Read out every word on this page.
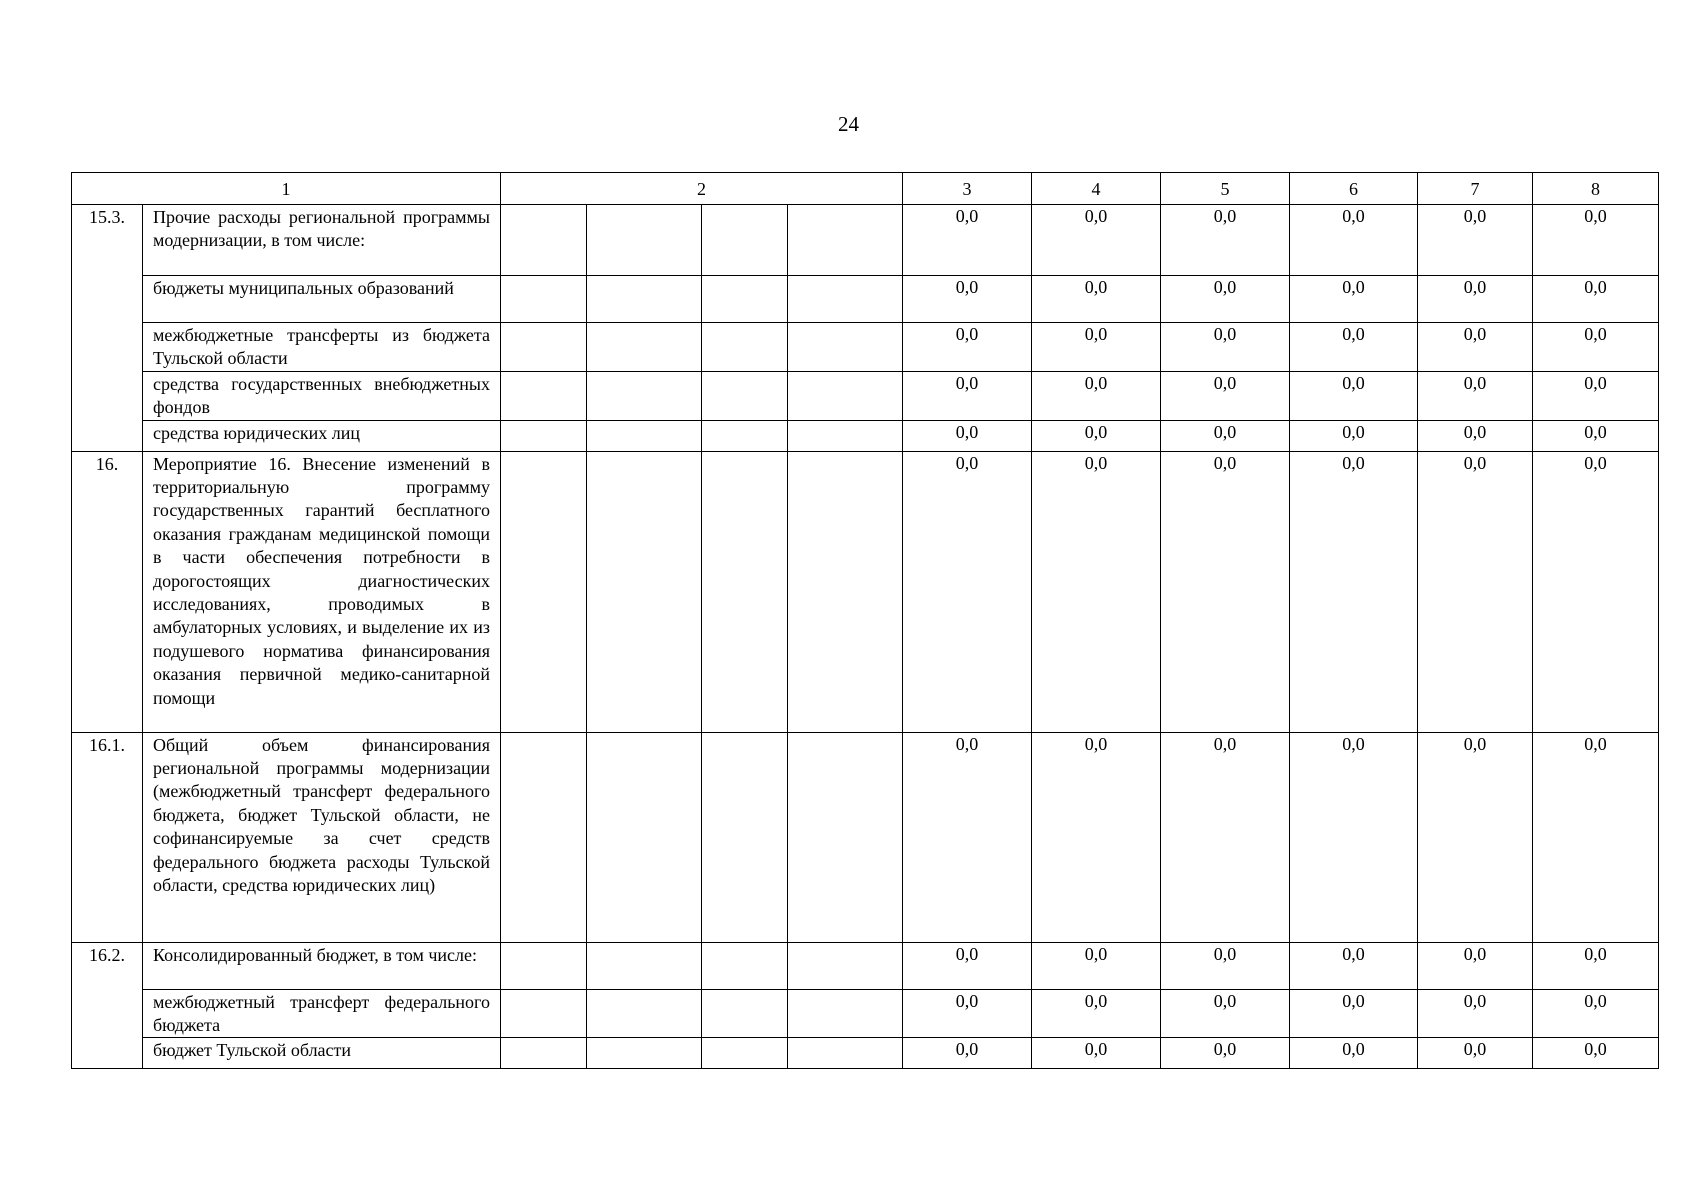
24
1		2				3	4	5	6	7	8
15.3.	Прочие расходы региональной программы модернизации, в том числе:					0,0	0,0	0,0	0,0	0,0	0,0
	бюджеты муниципальных образований					0,0	0,0	0,0	0,0	0,0	0,0
	межбюджетные трансферты из бюджета Тульской области					0,0	0,0	0,0	0,0	0,0	0,0
	средства государственных внебюджетных фондов					0,0	0,0	0,0	0,0	0,0	0,0
	средства юридических лиц					0,0	0,0	0,0	0,0	0,0	0,0
16.	Мероприятие 16. Внесение изменений в территориальную программу государственных гарантий бесплатного оказания гражданам медицинской помощи в части обеспечения потребности в дорогостоящих диагностических исследованиях, проводимых в амбулаторных условиях, и выделение их из подушевого норматива финансирования оказания первичной медико-санитарной помощи					0,0	0,0	0,0	0,0	0,0	0,0
16.1.	Общий объем финансирования региональной программы модернизации (межбюджетный трансферт федерального бюджета, бюджет Тульской области, не софинансируемые за счет средств федерального бюджета расходы Тульской области, средства юридических лиц)					0,0	0,0	0,0	0,0	0,0	0,0
16.2.	Консолидированный бюджет, в том числе:					0,0	0,0	0,0	0,0	0,0	0,0
	межбюджетный трансферт федерального бюджета					0,0	0,0	0,0	0,0	0,0	0,0
	бюджет Тульской области					0,0	0,0	0,0	0,0	0,0	0,0
